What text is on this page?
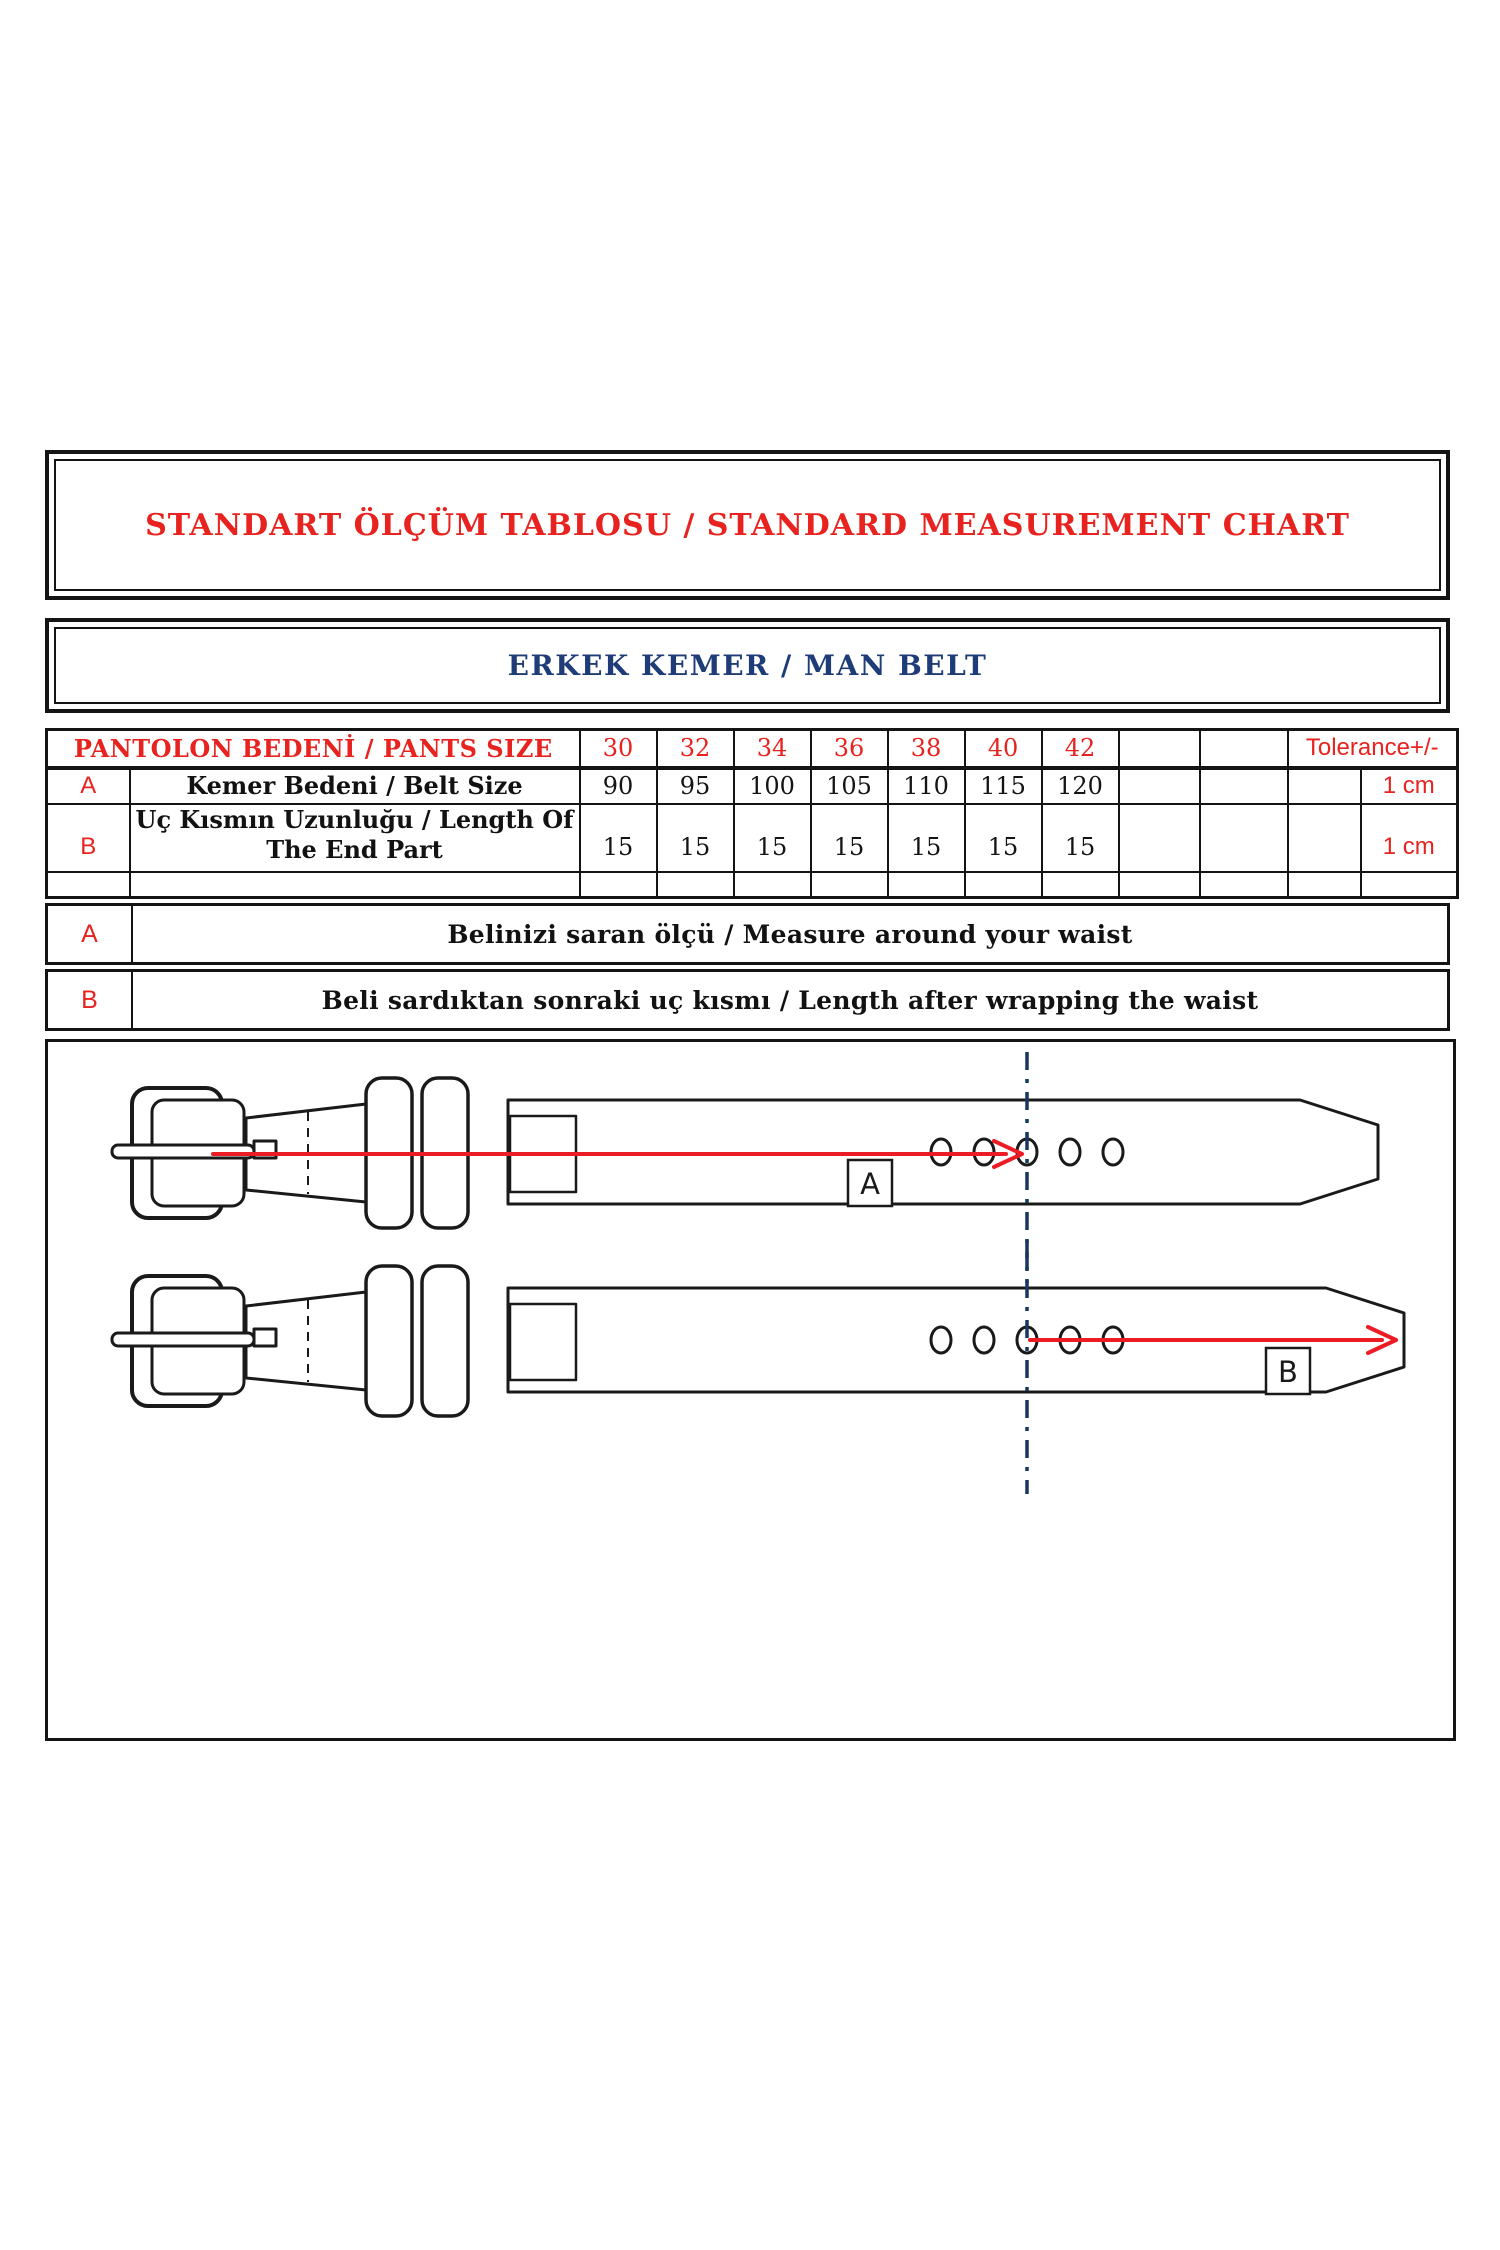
STANDART ÖLÇÜM TABLOSU / STANDARD MEASUREMENT CHART
ERKEK KEMER / MAN BELT
PANTOLON BEDENİ / PANTS SIZE		30	32	34	36	38	40	42			Tolerance+/-	
A	Kemer Bedeni / Belt Size	90	95	100	105	110	115	120				1 cm
B	Uç Kısmın Uzunluğu / Length Of
The End Part	15	15	15	15	15	15	15				1 cm

A	Belinizi saran ölçü / Measure around your waist
B	Beli sardıktan sonraki uç kısmı / Length after wrapping the waist
A
B
